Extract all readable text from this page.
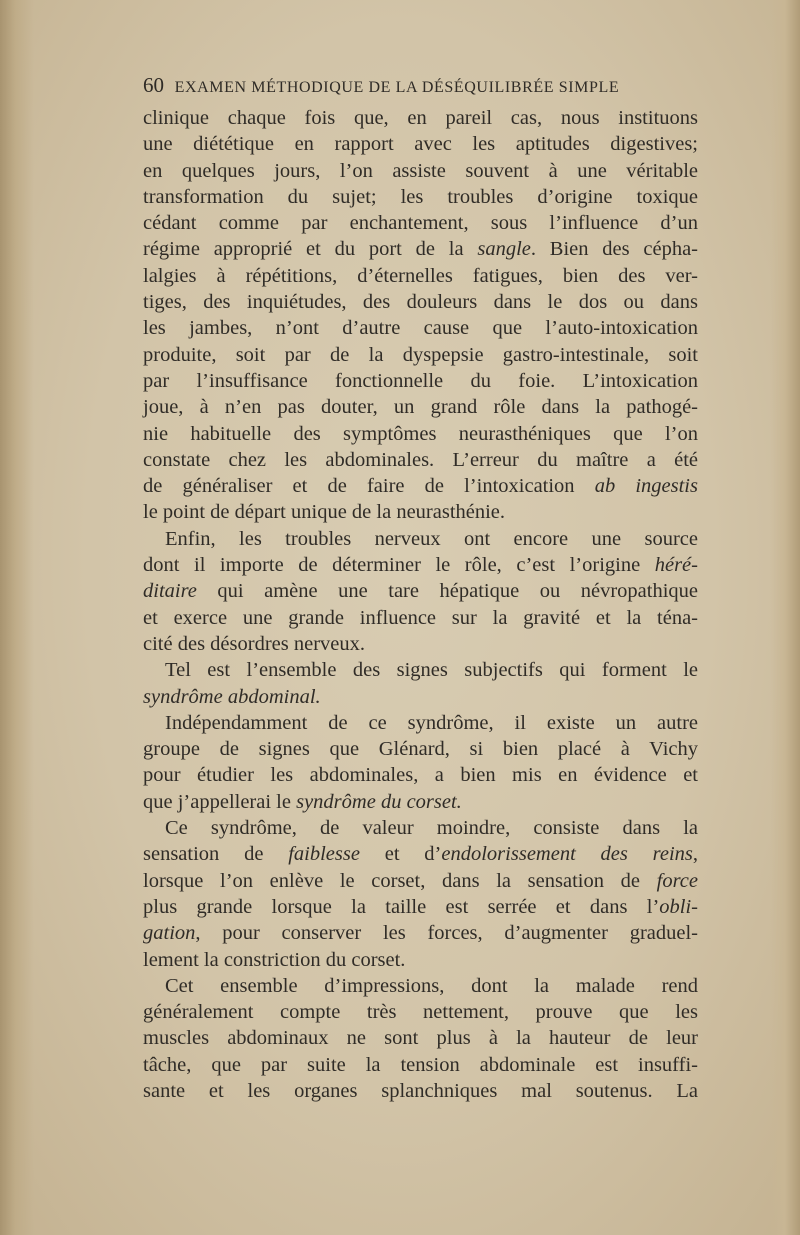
60 EXAMEN MÉTHODIQUE DE LA DÉSÉQUILIBRÉE SIMPLE
clinique chaque fois que, en pareil cas, nous instituons
une diététique en rapport avec les aptitudes digestives;
en quelques jours, l’on assiste souvent à une véritable
transformation du sujet; les troubles d’origine toxique
cédant comme par enchantement, sous l’influence d’un
régime approprié et du port de la sangle. Bien des cépha-
lalgies à répétitions, d’éternelles fatigues, bien des ver-
tiges, des inquiétudes, des douleurs dans le dos ou dans
les jambes, n’ont d’autre cause que l’auto-intoxication
produite, soit par de la dyspepsie gastro-intestinale, soit
par l’insuffisance fonctionnelle du foie. L’intoxication
joue, à n’en pas douter, un grand rôle dans la pathogé-
nie habituelle des symptômes neurasthéniques que l’on
constate chez les abdominales. L’erreur du maître a été
de généraliser et de faire de l’intoxication ab ingestis
le point de départ unique de la neurasthénie.
Enfin, les troubles nerveux ont encore une source
dont il importe de déterminer le rôle, c’est l’origine héré-
ditaire qui amène une tare hépatique ou névropathique
et exerce une grande influence sur la gravité et la téna-
cité des désordres nerveux.
Tel est l’ensemble des signes subjectifs qui forment le
syndrôme abdominal.
Indépendamment de ce syndrôme, il existe un autre
groupe de signes que Glénard, si bien placé à Vichy
pour étudier les abdominales, a bien mis en évidence et
que j’appellerai le syndrôme du corset.
Ce syndrôme, de valeur moindre, consiste dans la
sensation de faiblesse et d’endolorissement des reins,
lorsque l’on enlève le corset, dans la sensation de force
plus grande lorsque la taille est serrée et dans l’obli-
gation, pour conserver les forces, d’augmenter graduel-
lement la constriction du corset.
Cet ensemble d’impressions, dont la malade rend
généralement compte très nettement, prouve que les
muscles abdominaux ne sont plus à la hauteur de leur
tâche, que par suite la tension abdominale est insuffi-
sante et les organes splanchniques mal soutenus. La
